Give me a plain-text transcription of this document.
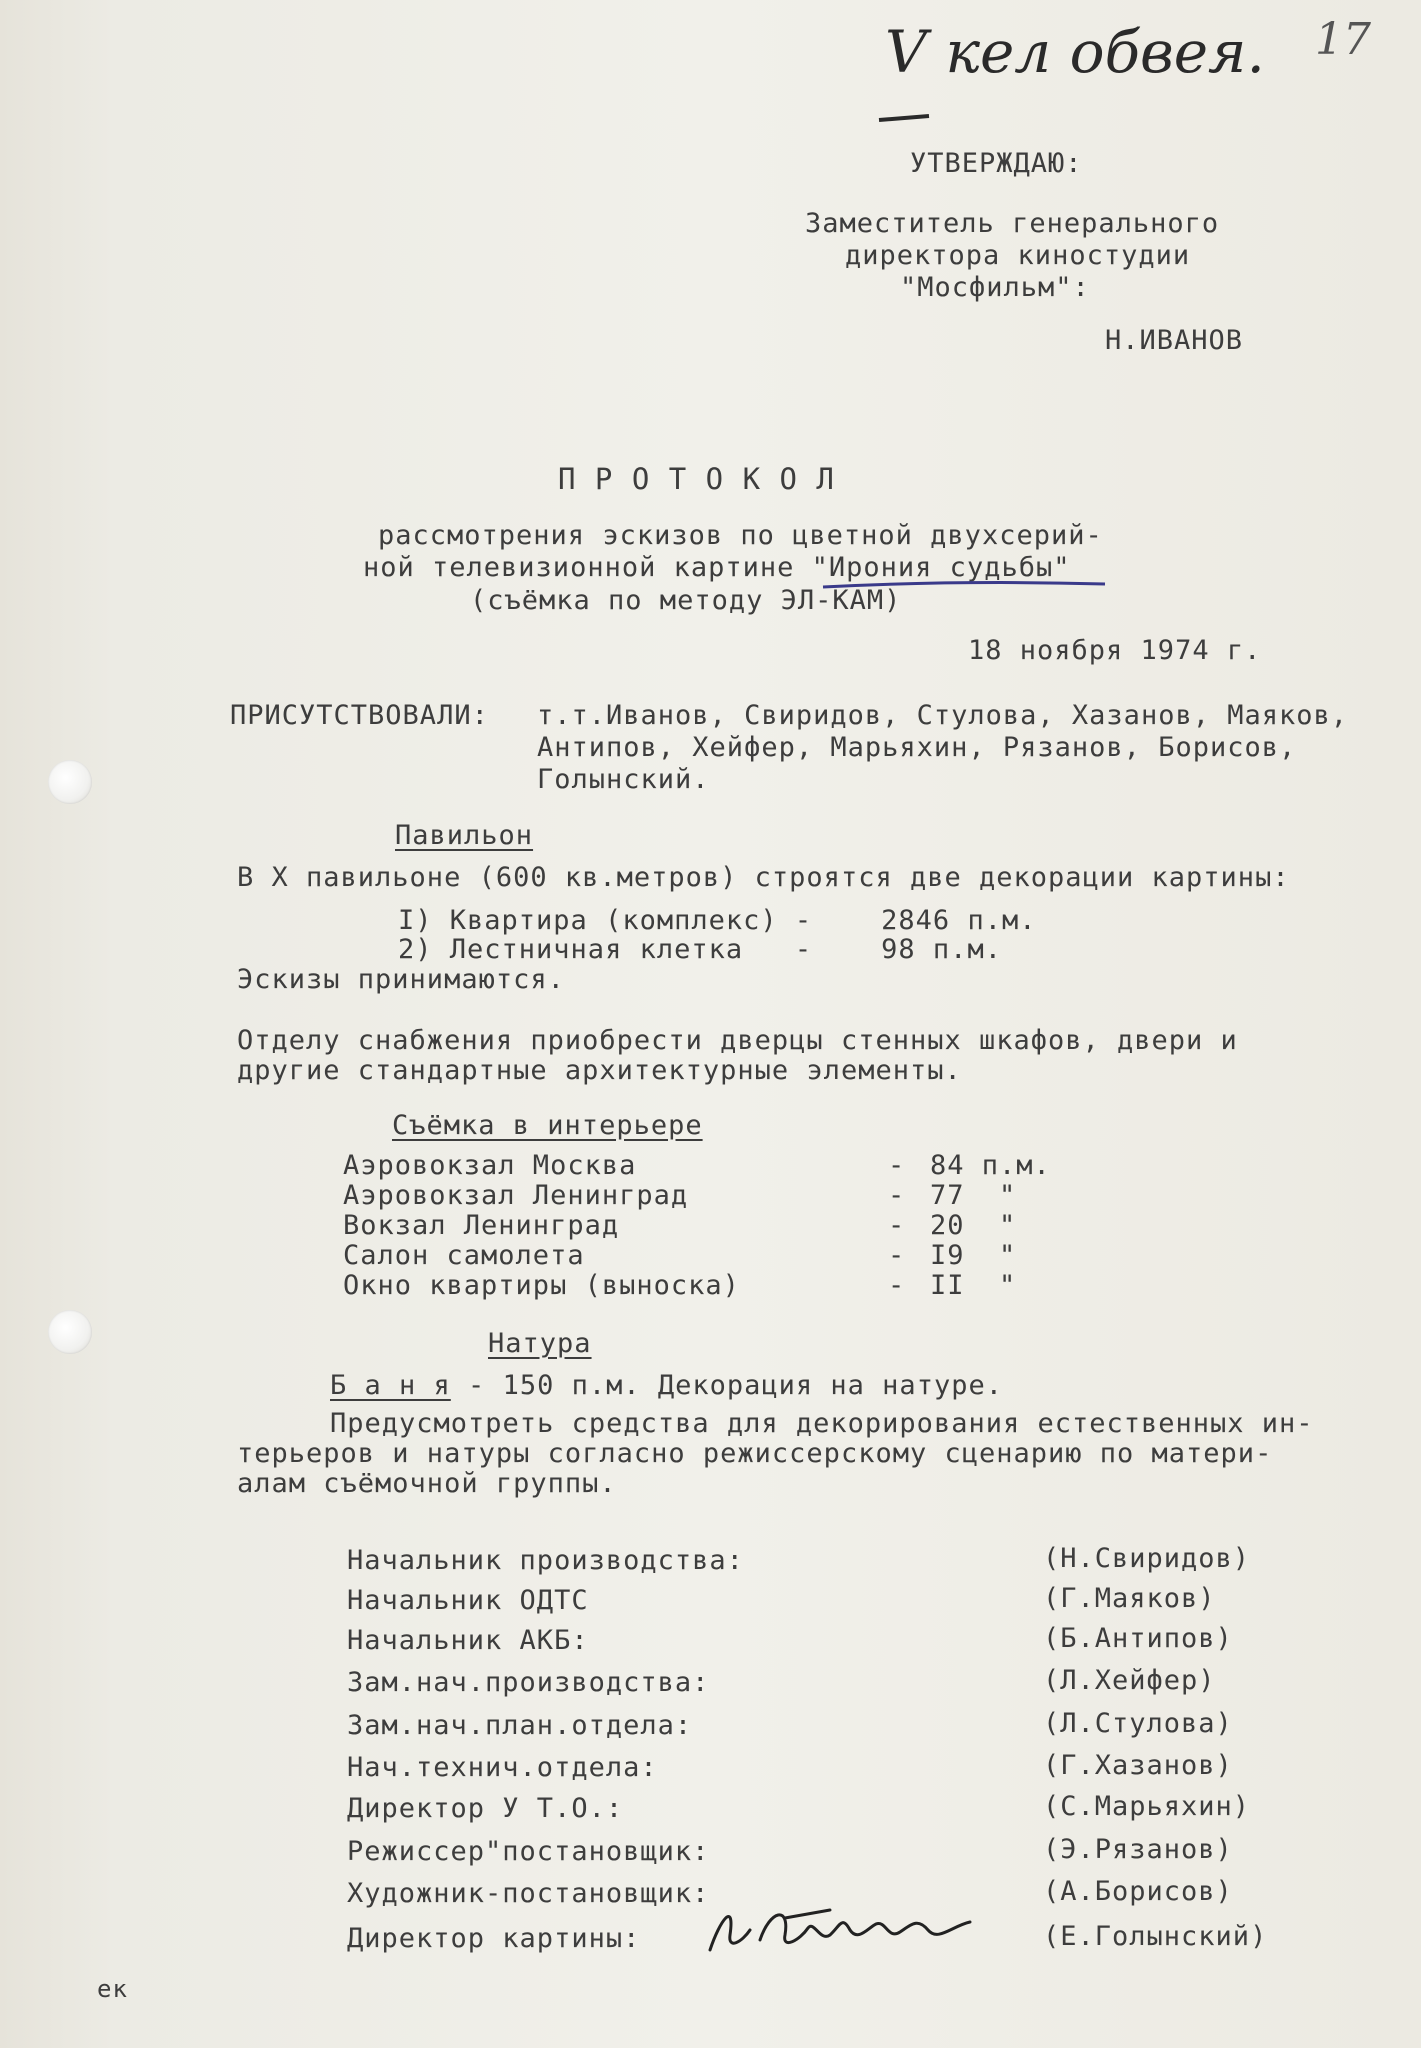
V кел обвея. 17
УТВЕРЖДАЮ:
Заместитель генерального
директора киностудии
"Мосфильм":
Н.ИВАНОВ
П Р О Т О К О Л
рассмотрения эскизов по цветной двухсерий-
ной телевизионной картине "Ирония судьбы"
(съёмка по методу ЭЛ-КАМ)
18 ноября 1974 г.
ПРИСУТСТВОВАЛИ: т.т.Иванов, Свиридов, Стулова, Хазанов, Маяков,
Антипов, Хейфер, Марьяхин, Рязанов, Борисов,
Голынский.
Павильон
В Х павильоне (600 кв.метров) строятся две декорации картины:
I) Квартира (комплекс) -    2846 п.м.
2) Лестничная клетка   -    98 п.м.
Эскизы принимаются.
Отделу снабжения приобрести дверцы стенных шкафов, двери и
другие стандартные архитектурные элементы.
Съёмка в интерьере
Аэровокзал Москва	- 84 п.м.
Аэровокзал Ленинград	- 77  "
Вокзал Ленинград	- 20  "
Салон самолета	- I9  "
Окно квартиры (выноска)	- II  "
Натура
Б а н я - 150 п.м. Декорация на натуре.
Предусмотреть средства для декорирования естественных ин-
терьеров и натуры согласно режиссерскому сценарию по матери-
алам съёмочной группы.
Начальник производства:	(Н.Свиридов)
Начальник ОДТС	(Г.Маяков)
Начальник АКБ:	(Б.Антипов)
Зам.нач.производства:	(Л.Хейфер)
Зам.нач.план.отдела:	(Л.Стулова)
Нач.технич.отдела:	(Г.Хазанов)
Директор У Т.О.:	(С.Марьяхин)
Режиссер"постановщик:	(Э.Рязанов)
Художник-постановщик:	(А.Борисов)
Директор картины:	(Е.Голынский)
ек
